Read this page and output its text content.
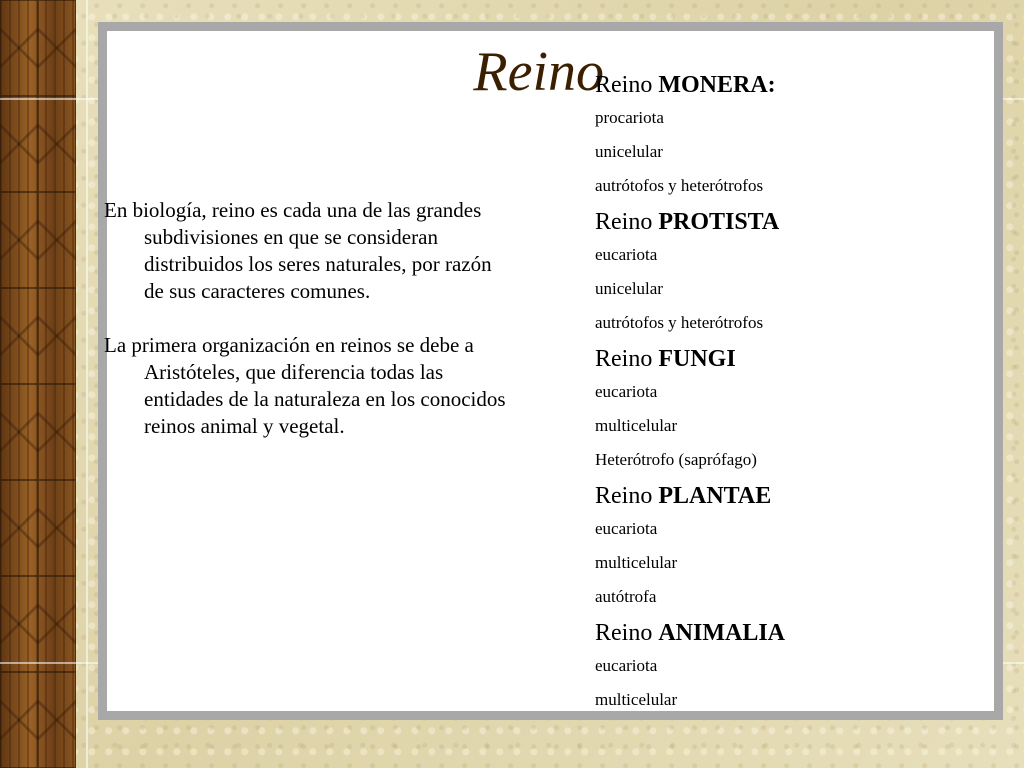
Reino

En biología, reino es cada una de las grandes subdivisiones en que se consideran distribuidos los seres naturales, por razón de sus caracteres comunes.

La primera organización en reinos se debe a Aristóteles, que diferencia todas las entidades de la naturaleza en los conocidos reinos animal y vegetal.

Reino MONERA:
procariota
unicelular
autrótofos y heterótrofos
Reino PROTISTA
eucariota
unicelular
autrótofos y heterótrofos
Reino FUNGI
eucariota
multicelular
Heterótrofo (saprófago)
Reino PLANTAE
eucariota
multicelular
autótrofa
Reino ANIMALIA
eucariota
multicelular
